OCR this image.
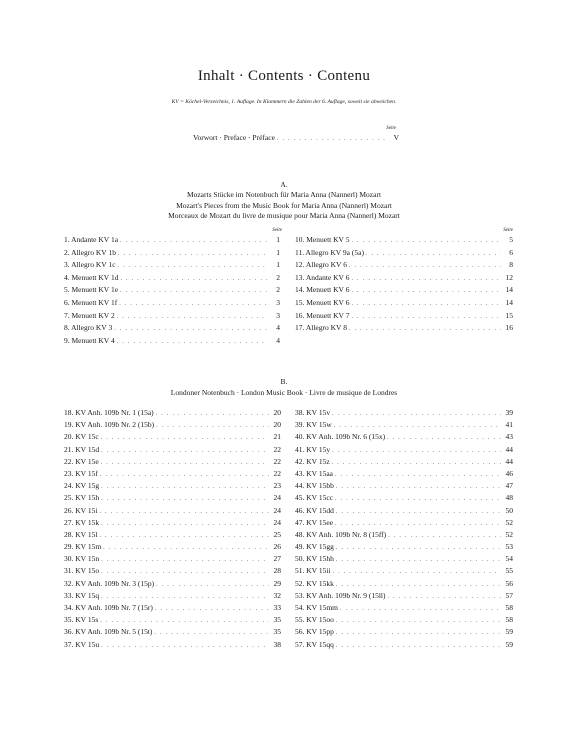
Inhalt · Contents · Contenu
KV = Köchel-Verzeichnis, 1. Auflage. In Klammern die Zahlen der 6. Auflage, soweit sie abweichen.
Seite
Vorwort · Preface · Préface . . .	V
A.
Mozarts Stücke im Notenbuch für Maria Anna (Nannerl) Mozart
Mozart's Pieces from the Music Book for Maria Anna (Nannerl) Mozart
Morceaux de Mozart du livre de musique pour Maria Anna (Nannerl) Mozart
Seite	Seite
1. Andante KV 1a . . .	1
2. Allegro KV 1b . . .	1
3. Allegro KV 1c . . .	1
4. Menuett KV 1d . . .	2
5. Menuett KV 1e . . .	2
6. Menuett KV 1f . . .	3
7. Menuett KV 2 . . .	3
8. Allegro KV 3 . . .	4
9. Menuett KV 4 . . .	4
10. Menuett KV 5 . . .	5
11. Allegro KV 9a (5a) . . .	6
12. Allegro KV 6 . . .	8
13. Andante KV 6 . . .	12
14. Menuett KV 6 . . .	14
15. Menuett KV 6 . . .	14
16. Menuett KV 7 . . .	15
17. Allegro KV 8 . . .	16
B.
Londoner Notenbuch · London Music Book · Livre de musique de Londres
18. KV Anh. 109b Nr. 1 (15a) . . .	20
19. KV Anh. 109b Nr. 2 (15b) . . .	20
20. KV 15c . . .	21
21. KV 15d . . .	22
22. KV 15e . . .	22
23. KV 15f . . .	22
24. KV 15g . . .	23
25. KV 15h . . .	24
26. KV 15i . . .	24
27. KV 15k . . .	24
28. KV 15l . . .	25
29. KV 15m . . .	26
30. KV 15n . . .	27
31. KV 15o . . .	28
32. KV Anh. 109b Nr. 3 (15p) . . .	29
33. KV 15q . . .	32
34. KV Anh. 109b Nr. 7 (15r) . . .	33
35. KV 15s . . .	35
36. KV Anh. 109b Nr. 5 (15t) . . .	35
37. KV 15u . . .	38
38. KV 15v . . .	39
39. KV 15w . . .	41
40. KV Anh. 109b Nr. 6 (15x) . . .	43
41. KV 15y . . .	44
42. KV 15z . . .	44
43. KV 15aa . . .	46
44. KV 15bb . . .	47
45. KV 15cc . . .	48
46. KV 15dd . . .	50
47. KV 15ee . . .	52
48. KV Anh. 109b Nr. 8 (15ff) . . .	52
49. KV 15gg . . .	53
50. KV 15hh . . .	54
51. KV 15ii . . .	55
52. KV 15kk . . .	56
53. KV Anh. 109b Nr. 9 (15ll) . . .	57
54. KV 15mm . . .	58
55. KV 15oo . . .	58
56. KV 15pp . . .	59
57. KV 15qq . . .	59
